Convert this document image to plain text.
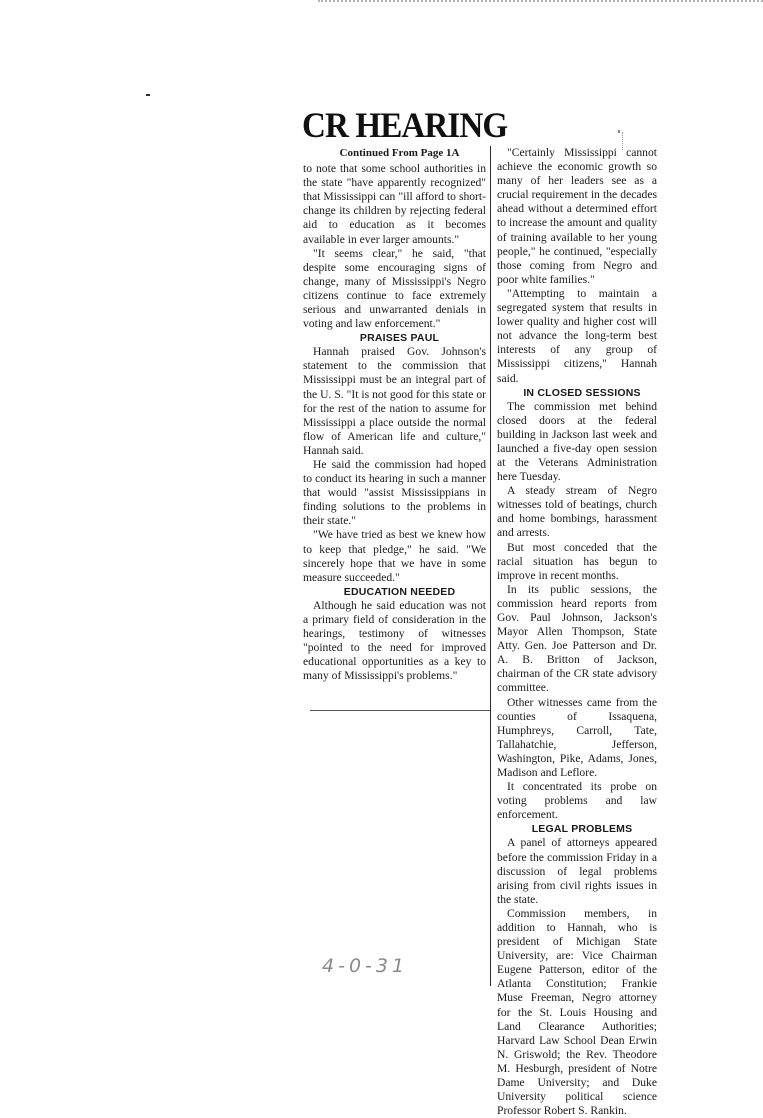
CR HEARING

Continued From Page 1A

to note that some school authorities in the state "have apparently recognized" that Mississippi can "ill afford to short-change its children by rejecting federal aid to education as it becomes available in ever larger amounts."

"It seems clear," he said, "that despite some encouraging signs of change, many of Mississippi's Negro citizens continue to face extremely serious and unwarranted denials in voting and law enforcement."

PRAISES PAUL

Hannah praised Gov. Johnson's statement to the commission that Mississippi must be an integral part of the U. S. "It is not good for this state or for the rest of the nation to assume for Mississippi a place outside the normal flow of American life and culture," Hannah said.

He said the commission had hoped to conduct its hearing in such a manner that would "assist Mississippians in finding solutions to the problems in their state."

"We have tried as best we knew how to keep that pledge," he said. "We sincerely hope that we have in some measure succeeded."

EDUCATION NEEDED

Although he said education was not a primary field of consideration in the hearings, testimony of witnesses "pointed to the need for improved educational opportunities as a key to many of Mississippi's problems."

"Certainly Mississippi cannot achieve the economic growth so many of her leaders see as a crucial requirement in the decades ahead without a determined effort to increase the amount and quality of training available to her young people," he continued, "especially those coming from Negro and poor white families."

"Attempting to maintain a segregated system that results in lower quality and higher cost will not advance the long-term best interests of any group of Mississippi citizens," Hannah said.

IN CLOSED SESSIONS

The commission met behind closed doors at the federal building in Jackson last week and launched a five-day open session at the Veterans Administration here Tuesday.

A steady stream of Negro witnesses told of beatings, church and home bombings, harassment and arrests.

But most conceded that the racial situation has begun to improve in recent months.

In its public sessions, the commission heard reports from Gov. Paul Johnson, Jackson's Mayor Allen Thompson, State Atty. Gen. Joe Patterson and Dr. A. B. Britton of Jackson, chairman of the CR state advisory committee.

Other witnesses came from the counties of Issaquena, Humphreys, Carroll, Tate, Tallahatchie, Jefferson, Washington, Pike, Adams, Jones, Madison and Leflore.

It concentrated its probe on voting problems and law enforcement.

LEGAL PROBLEMS

A panel of attorneys appeared before the commission Friday in a discussion of legal problems arising from civil rights issues in the state.

Commission members, in addition to Hannah, who is president of Michigan State University, are: Vice Chairman Eugene Patterson, editor of the Atlanta Constitution; Frankie Muse Freeman, Negro attorney for the St. Louis Housing and Land Clearance Authorities; Harvard Law School Dean Erwin N. Griswold; the Rev. Theodore M. Hesburgh, president of Notre Dame University; and Duke University political science Professor Robert S. Rankin.

4-0-31
